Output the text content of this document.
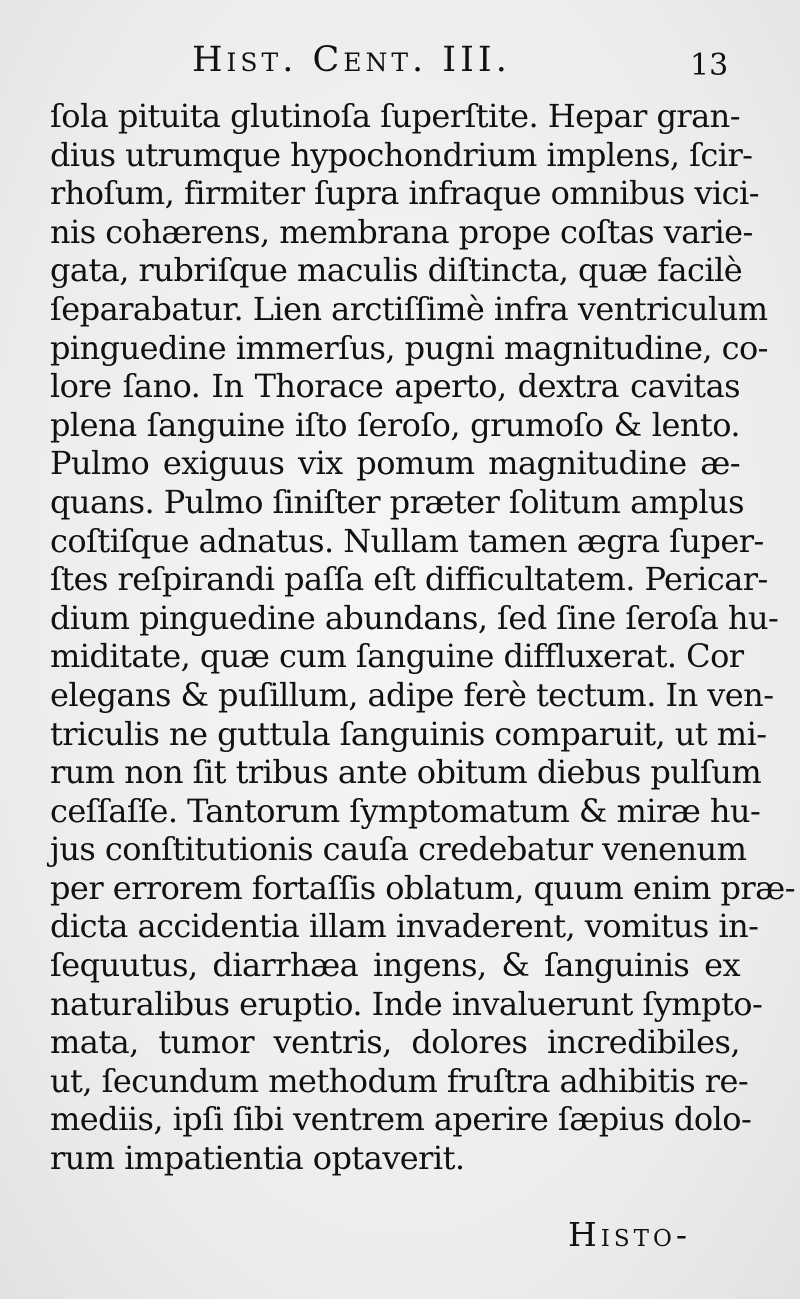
Hist. Cent. III.	13
ſola pituita glutinoſa ſuperſtite. Hepar gran-
dius utrumque hypochondrium implens, ſcir-
rhoſum, firmiter ſupra infraque omnibus vici-
nis cohærens, membrana prope coſtas varie-
gata, rubriſque maculis diſtincta, quæ facilè
ſeparabatur. Lien arctiſſimè infra ventriculum
pinguedine immerſus, pugni magnitudine, co-
lore ſano. In Thorace aperto, dextra cavitas
plena ſanguine iſto ſeroſo, grumoſo & lento.
Pulmo exiguus vix pomum magnitudine æ-
quans. Pulmo ſiniſter præter ſolitum amplus
coſtiſque adnatus. Nullam tamen ægra ſuper-
ſtes reſpirandi paſſa eſt difficultatem. Pericar-
dium pinguedine abundans, ſed ſine ſeroſa hu-
miditate, quæ cum ſanguine diffluxerat. Cor
elegans & puſillum, adipe ferè tectum. In ven-
triculis ne guttula ſanguinis comparuit, ut mi-
rum non ſit tribus ante obitum diebus pulſum
ceſſaſſe. Tantorum ſymptomatum & miræ hu-
jus conſtitutionis cauſa credebatur venenum
per errorem fortaſſis oblatum, quum enim præ-
dicta accidentia illam invaderent, vomitus in-
ſequutus, diarrhæa ingens, & ſanguinis ex
naturalibus eruptio. Inde invaluerunt ſympto-
mata, tumor ventris, dolores incredibiles,
ut, ſecundum methodum fruſtra adhibitis re-
mediis, ipſi ſibi ventrem aperire ſæpius dolo-
rum impatientia optaverit.
Histo-
